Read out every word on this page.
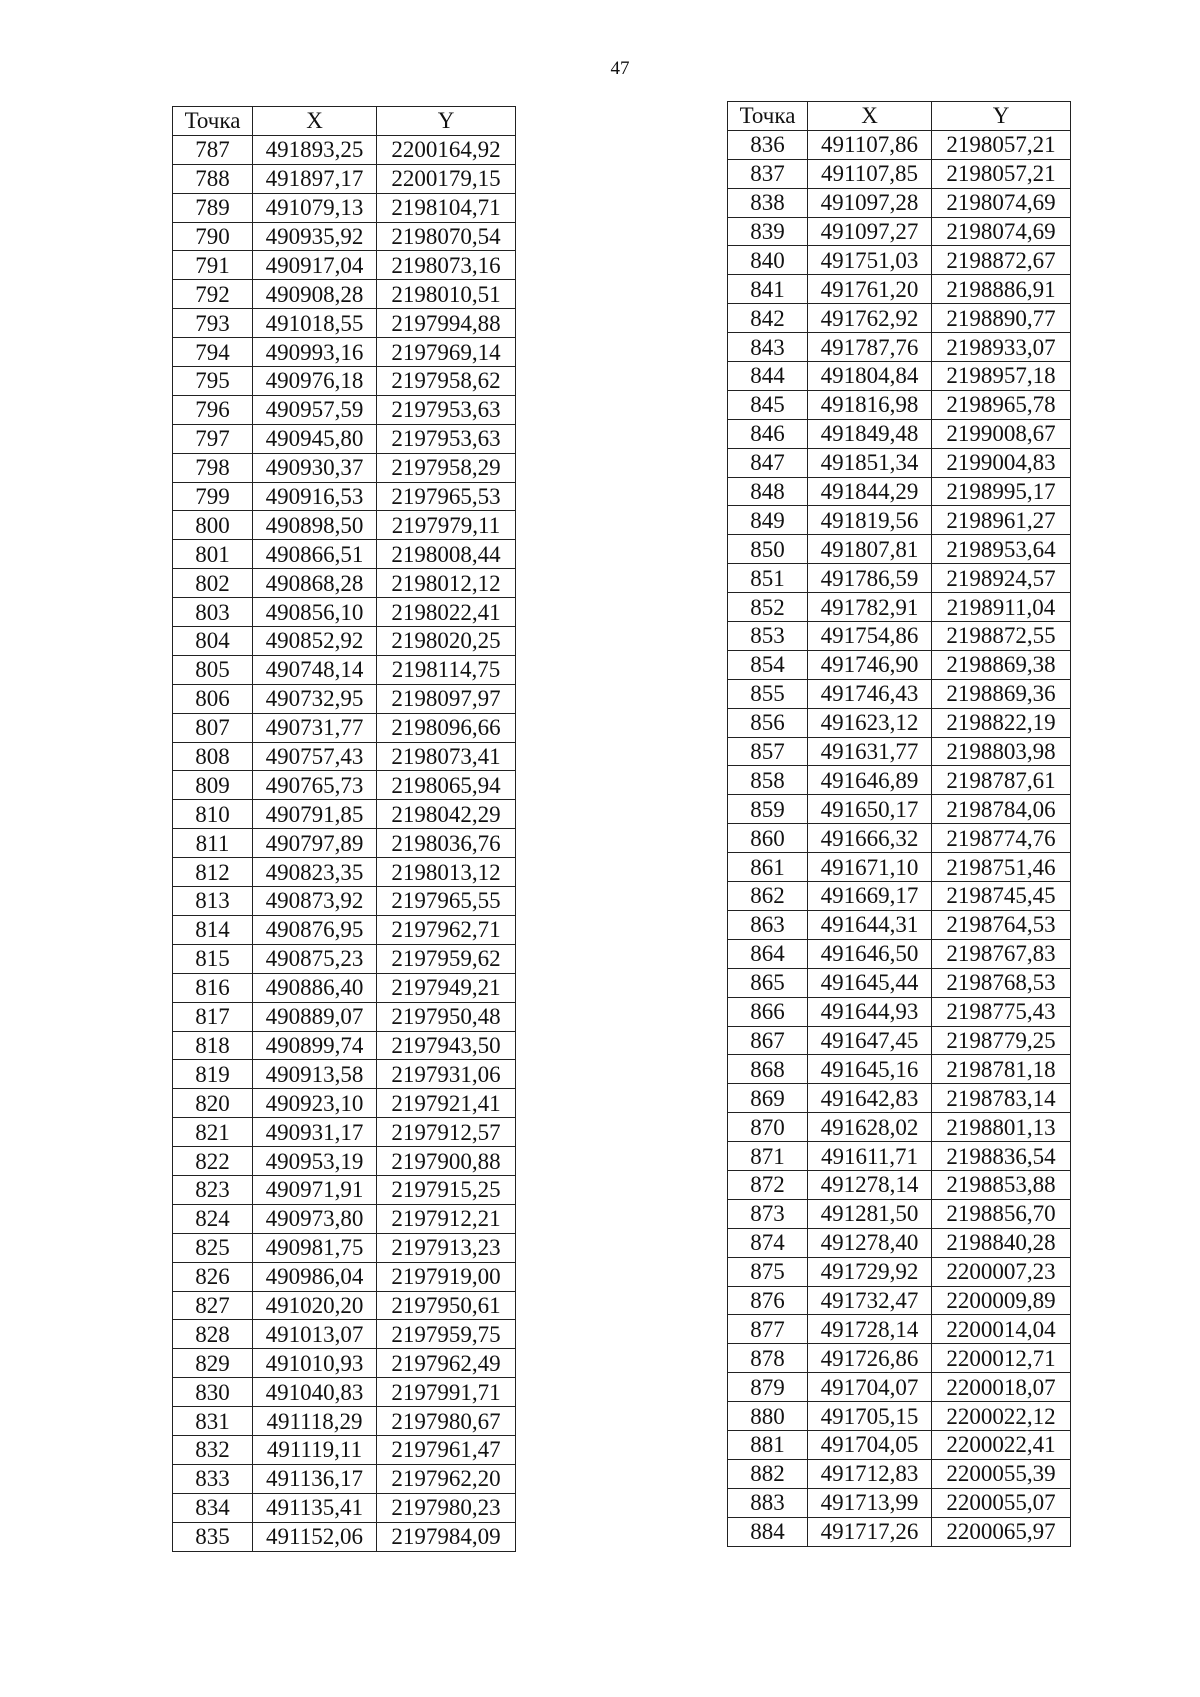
47
Точка	X	Y
787	491893,25	2200164,92
788	491897,17	2200179,15
789	491079,13	2198104,71
790	490935,92	2198070,54
791	490917,04	2198073,16
792	490908,28	2198010,51
793	491018,55	2197994,88
794	490993,16	2197969,14
795	490976,18	2197958,62
796	490957,59	2197953,63
797	490945,80	2197953,63
798	490930,37	2197958,29
799	490916,53	2197965,53
800	490898,50	2197979,11
801	490866,51	2198008,44
802	490868,28	2198012,12
803	490856,10	2198022,41
804	490852,92	2198020,25
805	490748,14	2198114,75
806	490732,95	2198097,97
807	490731,77	2198096,66
808	490757,43	2198073,41
809	490765,73	2198065,94
810	490791,85	2198042,29
811	490797,89	2198036,76
812	490823,35	2198013,12
813	490873,92	2197965,55
814	490876,95	2197962,71
815	490875,23	2197959,62
816	490886,40	2197949,21
817	490889,07	2197950,48
818	490899,74	2197943,50
819	490913,58	2197931,06
820	490923,10	2197921,41
821	490931,17	2197912,57
822	490953,19	2197900,88
823	490971,91	2197915,25
824	490973,80	2197912,21
825	490981,75	2197913,23
826	490986,04	2197919,00
827	491020,20	2197950,61
828	491013,07	2197959,75
829	491010,93	2197962,49
830	491040,83	2197991,71
831	491118,29	2197980,67
832	491119,11	2197961,47
833	491136,17	2197962,20
834	491135,41	2197980,23
835	491152,06	2197984,09
Точка	X	Y
836	491107,86	2198057,21
837	491107,85	2198057,21
838	491097,28	2198074,69
839	491097,27	2198074,69
840	491751,03	2198872,67
841	491761,20	2198886,91
842	491762,92	2198890,77
843	491787,76	2198933,07
844	491804,84	2198957,18
845	491816,98	2198965,78
846	491849,48	2199008,67
847	491851,34	2199004,83
848	491844,29	2198995,17
849	491819,56	2198961,27
850	491807,81	2198953,64
851	491786,59	2198924,57
852	491782,91	2198911,04
853	491754,86	2198872,55
854	491746,90	2198869,38
855	491746,43	2198869,36
856	491623,12	2198822,19
857	491631,77	2198803,98
858	491646,89	2198787,61
859	491650,17	2198784,06
860	491666,32	2198774,76
861	491671,10	2198751,46
862	491669,17	2198745,45
863	491644,31	2198764,53
864	491646,50	2198767,83
865	491645,44	2198768,53
866	491644,93	2198775,43
867	491647,45	2198779,25
868	491645,16	2198781,18
869	491642,83	2198783,14
870	491628,02	2198801,13
871	491611,71	2198836,54
872	491278,14	2198853,88
873	491281,50	2198856,70
874	491278,40	2198840,28
875	491729,92	2200007,23
876	491732,47	2200009,89
877	491728,14	2200014,04
878	491726,86	2200012,71
879	491704,07	2200018,07
880	491705,15	2200022,12
881	491704,05	2200022,41
882	491712,83	2200055,39
883	491713,99	2200055,07
884	491717,26	2200065,97
